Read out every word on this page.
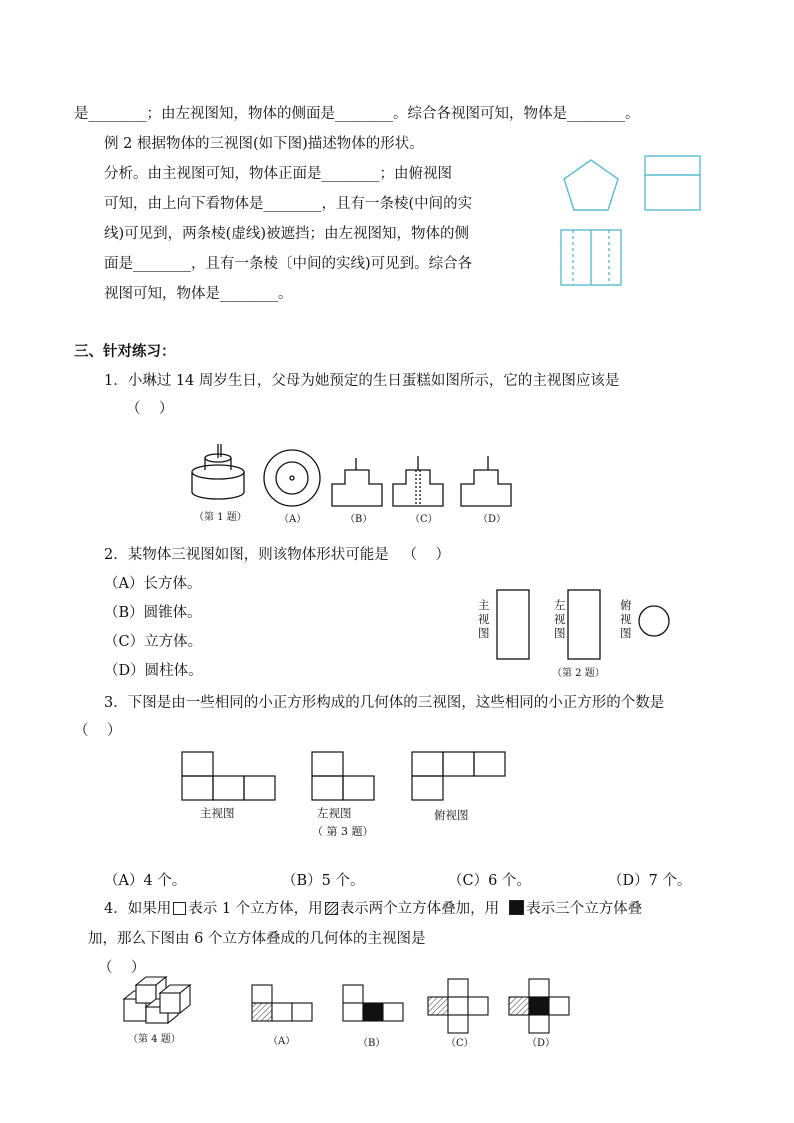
是________；由左视图知，物体的侧面是________。综合各视图可知，物体是________。
例 2 根据物体的三视图(如下图)描述物体的形状。
分析。由主视图可知，物体正面是________；由俯视图
可知，由上向下看物体是________，且有一条棱(中间的实
线)可见到，两条棱(虚线)被遮挡；由左视图知，物体的侧
面是________，且有一条棱〔中间的实线)可见到。综合各
视图可知，物体是________。
三、针对练习：
1．小琳过 14 周岁生日，父母为她预定的生日蛋糕如图所示，它的主视图应该是
（    ）
（第 1 题）	（A）	（B）	（C）	（D）
2．某物体三视图如图，则该物体形状可能是   （    ）
（A）长方体。
（B）圆锥体。
（C）立方体。
（D）圆柱体。
主视图
左视图
俯视图
（第 2 题）
3．下图是由一些相同的小正方形构成的几何体的三视图，这些相同的小正方形的个数是
（    ）
主视图	左视图	俯视图
（ 第 3 题）
（A）4 个。	（B）5 个。	（C）6 个。	（D）7 个。
4．如果用 表示 1 个立方体，用 表示两个立方体叠加，用 表示三个立方体叠
加，那么下图由 6 个立方体叠成的几何体的主视图是
（    ）
（第 4 题）	（A）	（B）	（C）	（D）
